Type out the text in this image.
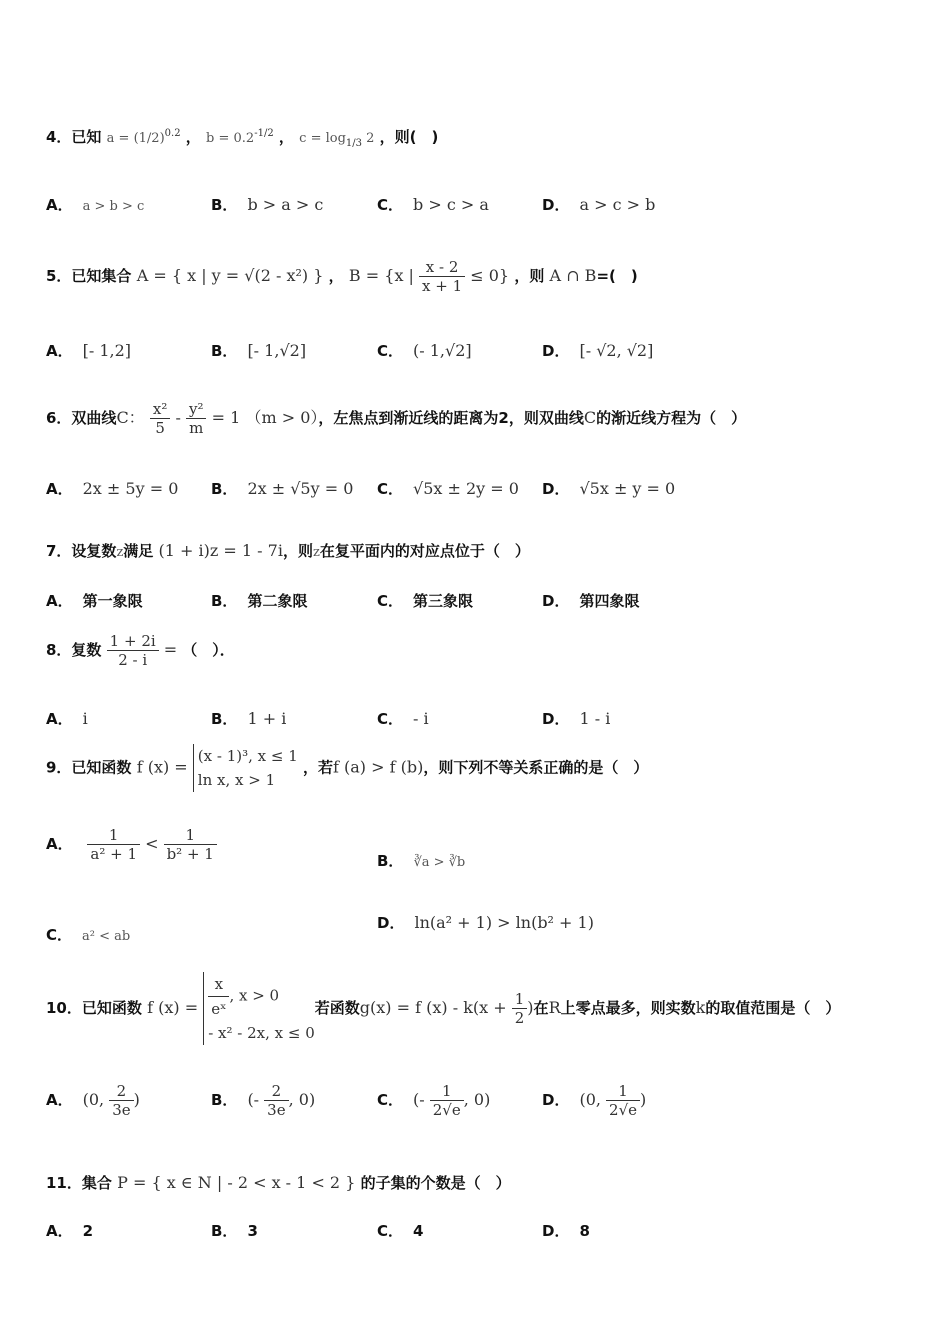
4．已知 $a = (1/2)^{0.2}$ ， $b = 0.2^{-1/2}$ ， $c = \log_{1/3} 2$ ，则(　)
A． a > b > c	B． b > a > c	C． b > c > a	D． a > c > b
5．已知集合 A = { x | y = √(2 - x²) } ， B = {x | $\frac{x - 2}{x + 1} \le 0$} ，则 A ∩ B=(　)
A． [- 1,2]	B． [- 1,√2]	C． (- 1,√2]	D． [- √2, √2]
6．双曲线C： $\frac{\text{x²}}{5} - \frac{\text{y²}}{m} = 1$ （m > 0），左焦点到渐近线的距离为2，则双曲线C的渐近线方程为（　）
A． 2x ± 5y = 0 B． 2x ± √5y = 0 C． √5x ± 2y = 0 D． √5x ± y = 0
7．设复数z满足 (1 + i)z = 1 - 7i，则z在复平面内的对应点位于（　）
A． 第一象限	B． 第二象限	C． 第三象限	D． 第四象限
8．复数 $\frac{1 + 2i}{2 - i}$ = （　）．
A． i	B． 1 + i	C． - i	D． 1 - i
9．已知函数 f (x) =
(x - 1)³, x ≤ 1
ln x, x > 1
，若f (a) > f (b)，则下列不等关系正确的是（　）
A． $\frac{1}{\text{a² + 1}} < \frac{1}{\text{b² + 1}}$	B． ∛a > ∛b
C． a² < ab
D． ln(a² + 1) > ln(b² + 1)
10．已知函数 f $(x) = \frac{x}{\text{eˣ}}$ , x > 0
- x² - 2x, x ≤ 0
若函数g(x) = f $(x) - k(x + \frac{1}{2}$ )在R上零点最多，则实数k的取值范围是（　）
A． (0, $\frac{2}{3e}$ )	B． (- $\frac{2}{3e}$ , 0)	C． (- $\frac{1}{2√e}$ , 0)	D． (0, $\frac{1}{2√e}$ )
11．集合 P = { x ∈ N | - 2 < x - 1 < 2 } 的子集的个数是（　）
A． 2	B． 3	C． 4	D． 8
